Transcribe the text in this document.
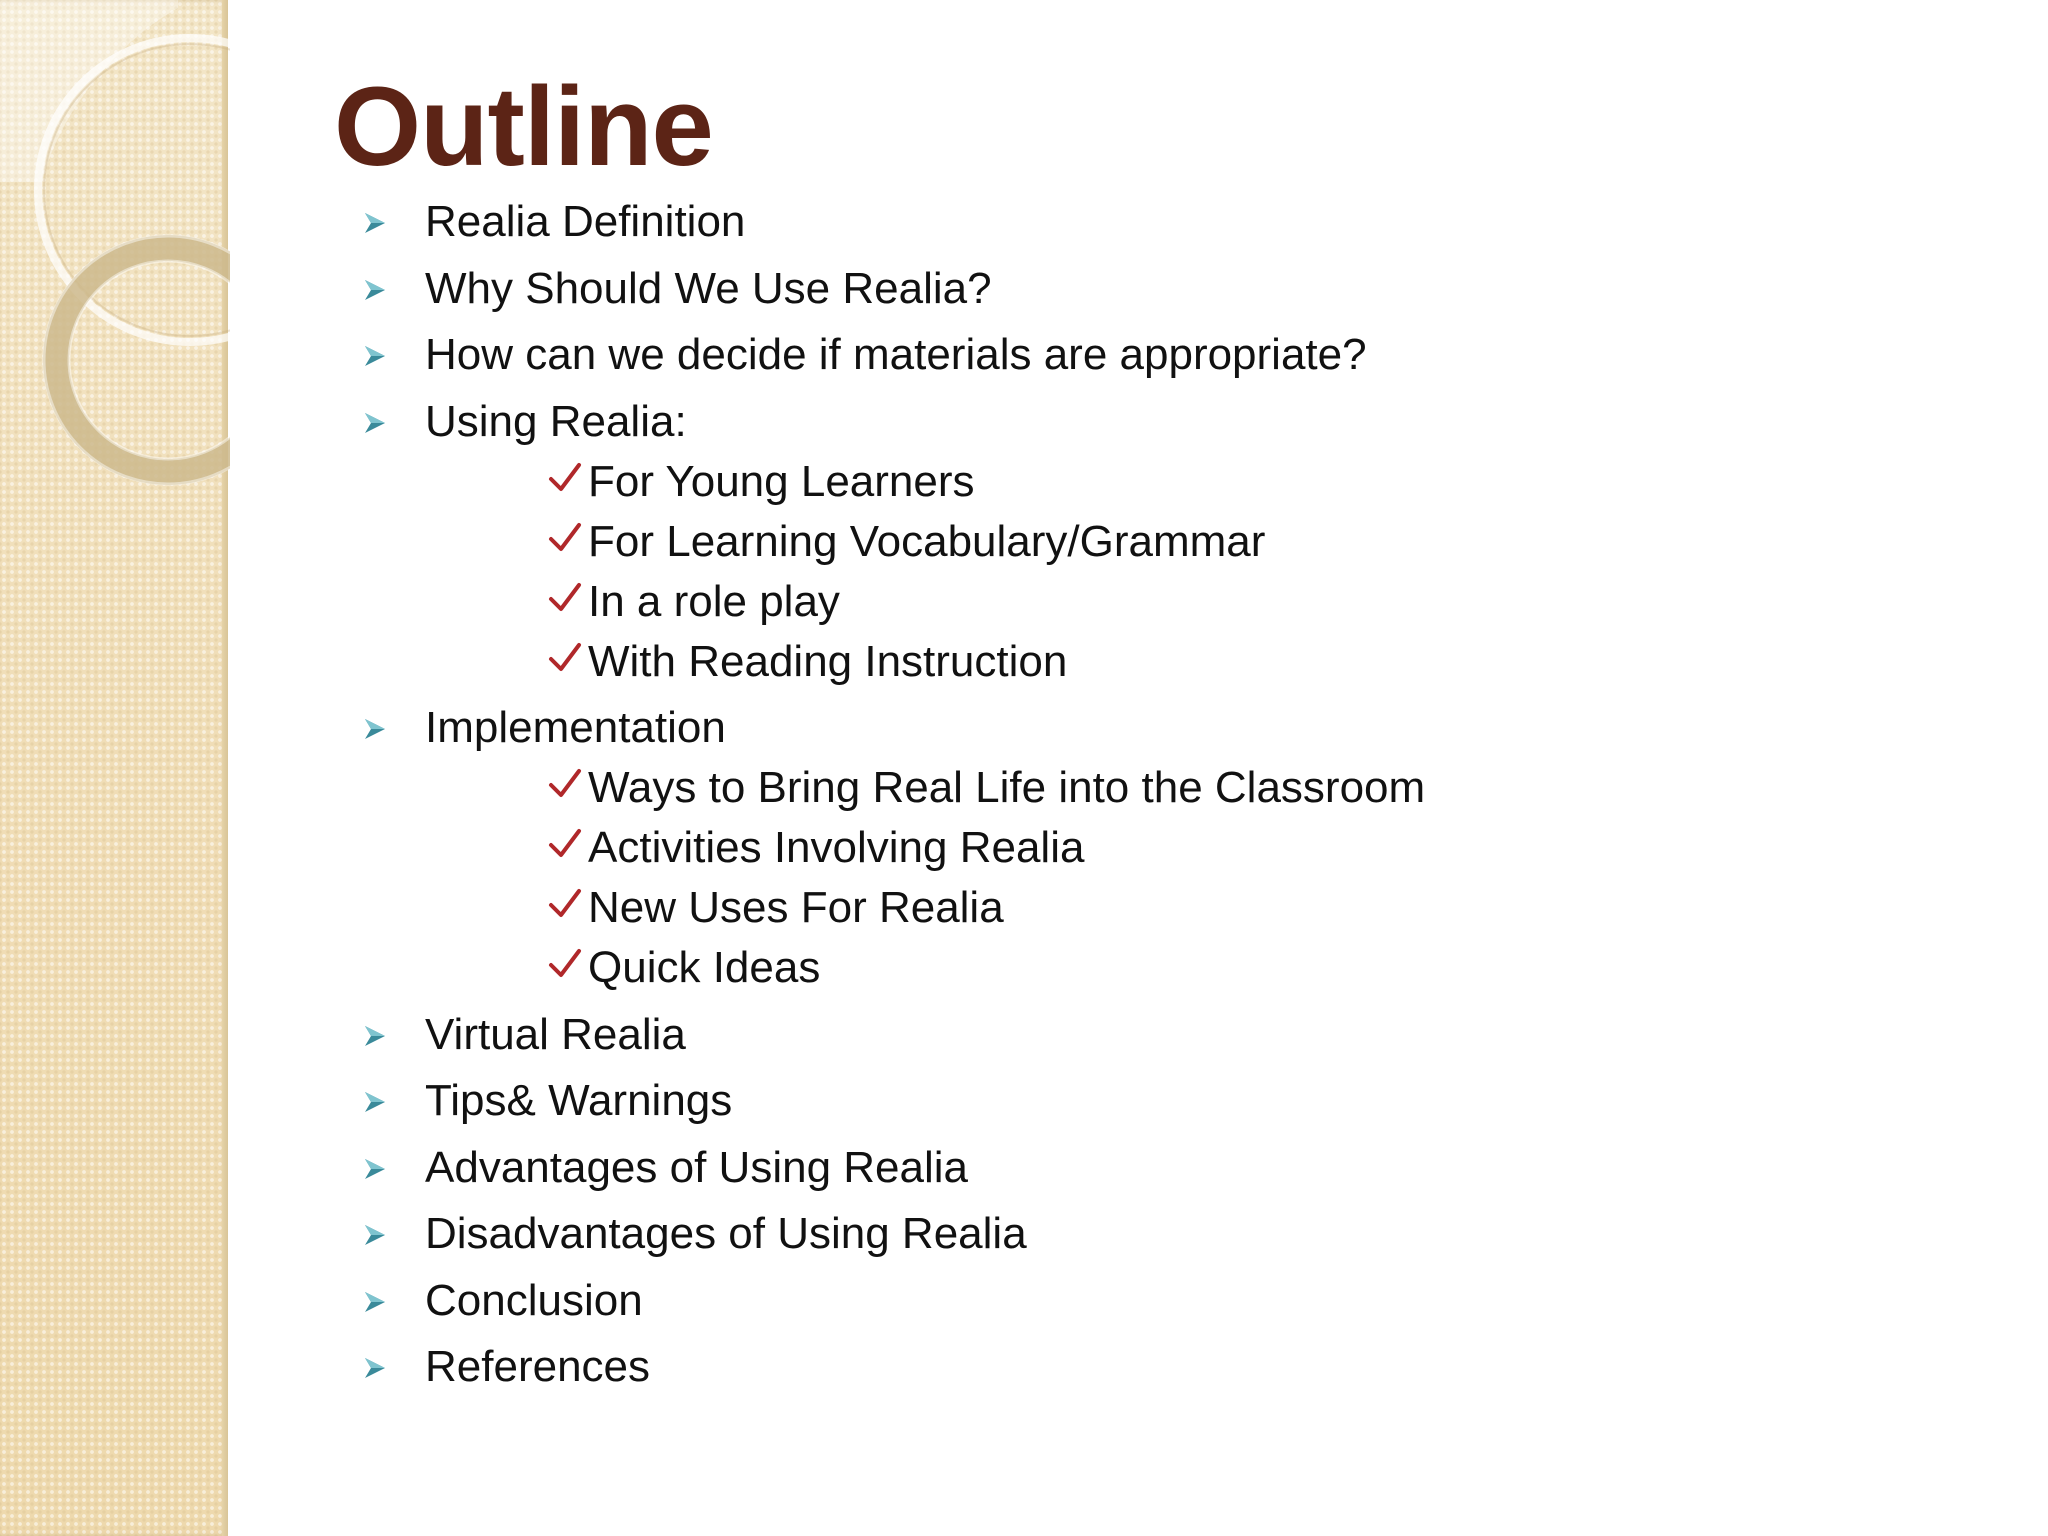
Outline
Realia Definition
Why Should We Use Realia?
How can we decide if materials are appropriate?
Using Realia:
For Young Learners
For Learning Vocabulary/Grammar
In a role play
With Reading Instruction
Implementation
Ways to Bring Real Life into the Classroom
Activities Involving Realia
New Uses For Realia
Quick Ideas
Virtual Realia
Tips& Warnings
Advantages of Using Realia
Disadvantages of Using Realia
Conclusion
References
